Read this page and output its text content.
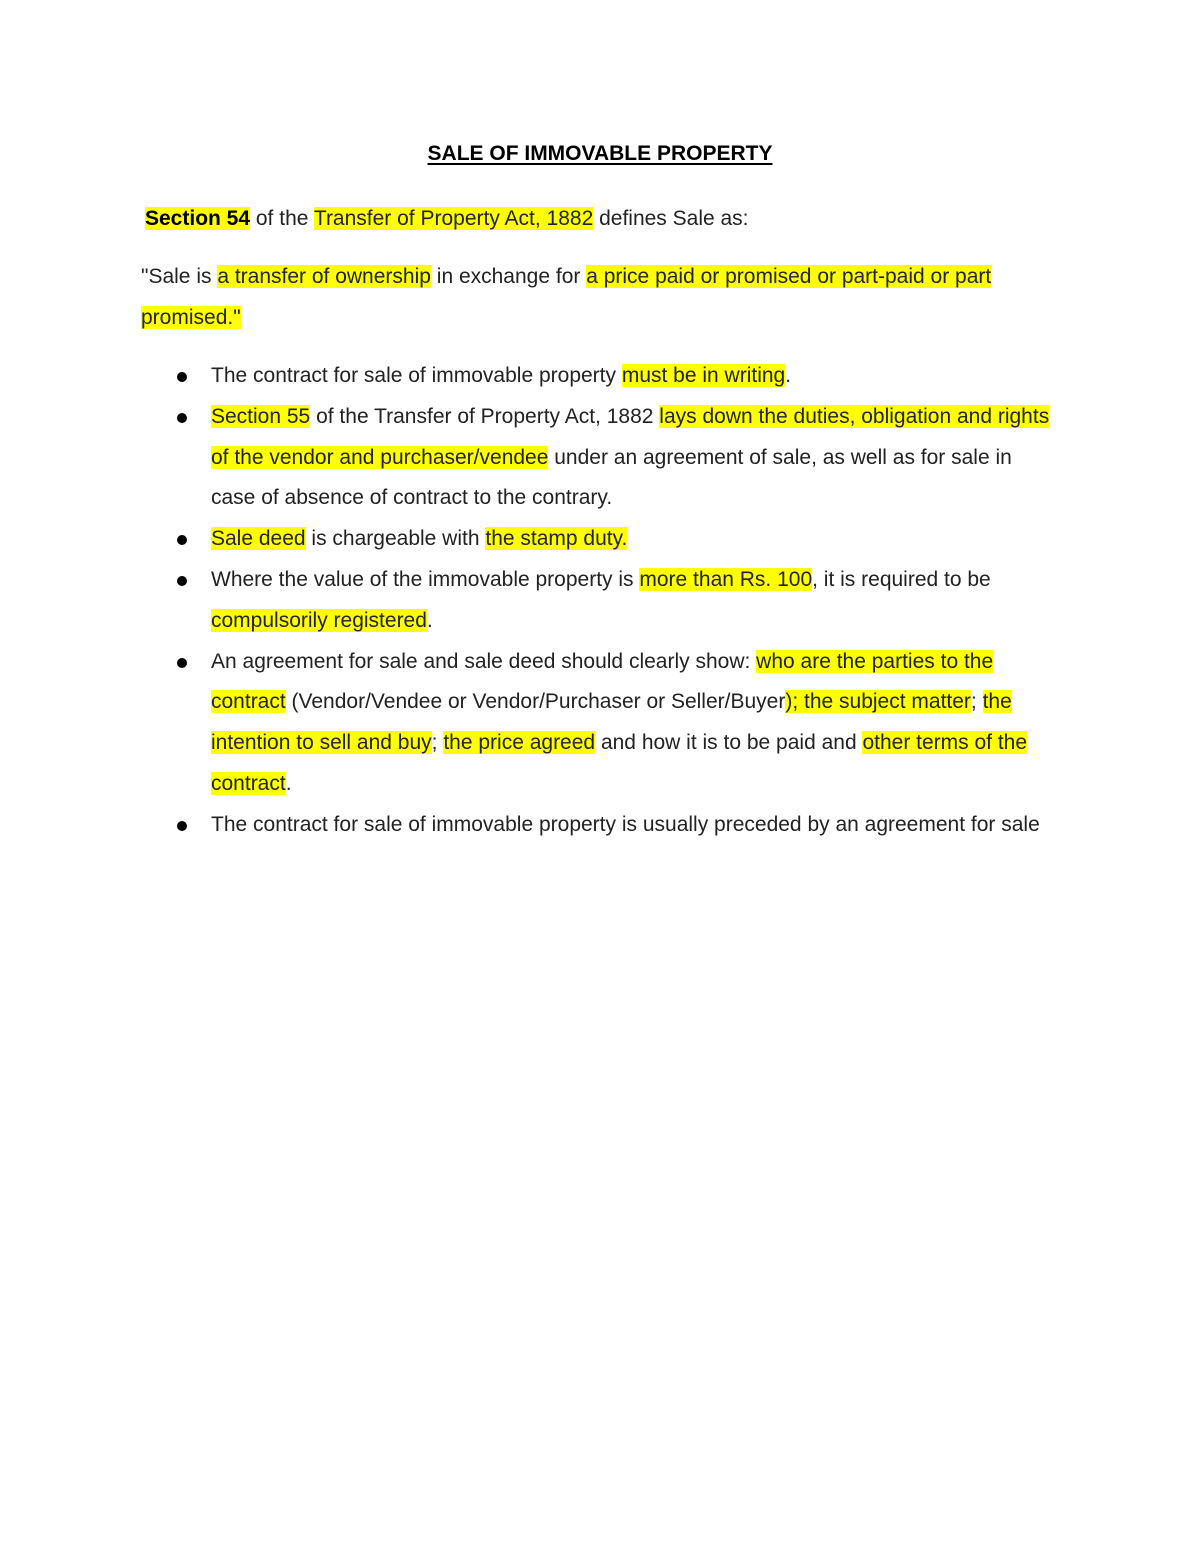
SALE OF IMMOVABLE PROPERTY

Section 54 of the Transfer of Property Act, 1882 defines Sale as:

"Sale is a transfer of ownership in exchange for a price paid or promised or part-paid or part promised."

The contract for sale of immovable property must be in writing.
Section 55 of the Transfer of Property Act, 1882 lays down the duties, obligation and rights of the vendor and purchaser/vendee under an agreement of sale, as well as for sale in case of absence of contract to the contrary.
Sale deed is chargeable with the stamp duty.
Where the value of the immovable property is more than Rs. 100, it is required to be compulsorily registered.
An agreement for sale and sale deed should clearly show: who are the parties to the contract (Vendor/Vendee or Vendor/Purchaser or Seller/Buyer); the subject matter; the intention to sell and buy; the price agreed and how it is to be paid and other terms of the contract.
The contract for sale of immovable property is usually preceded by an agreement for sale
